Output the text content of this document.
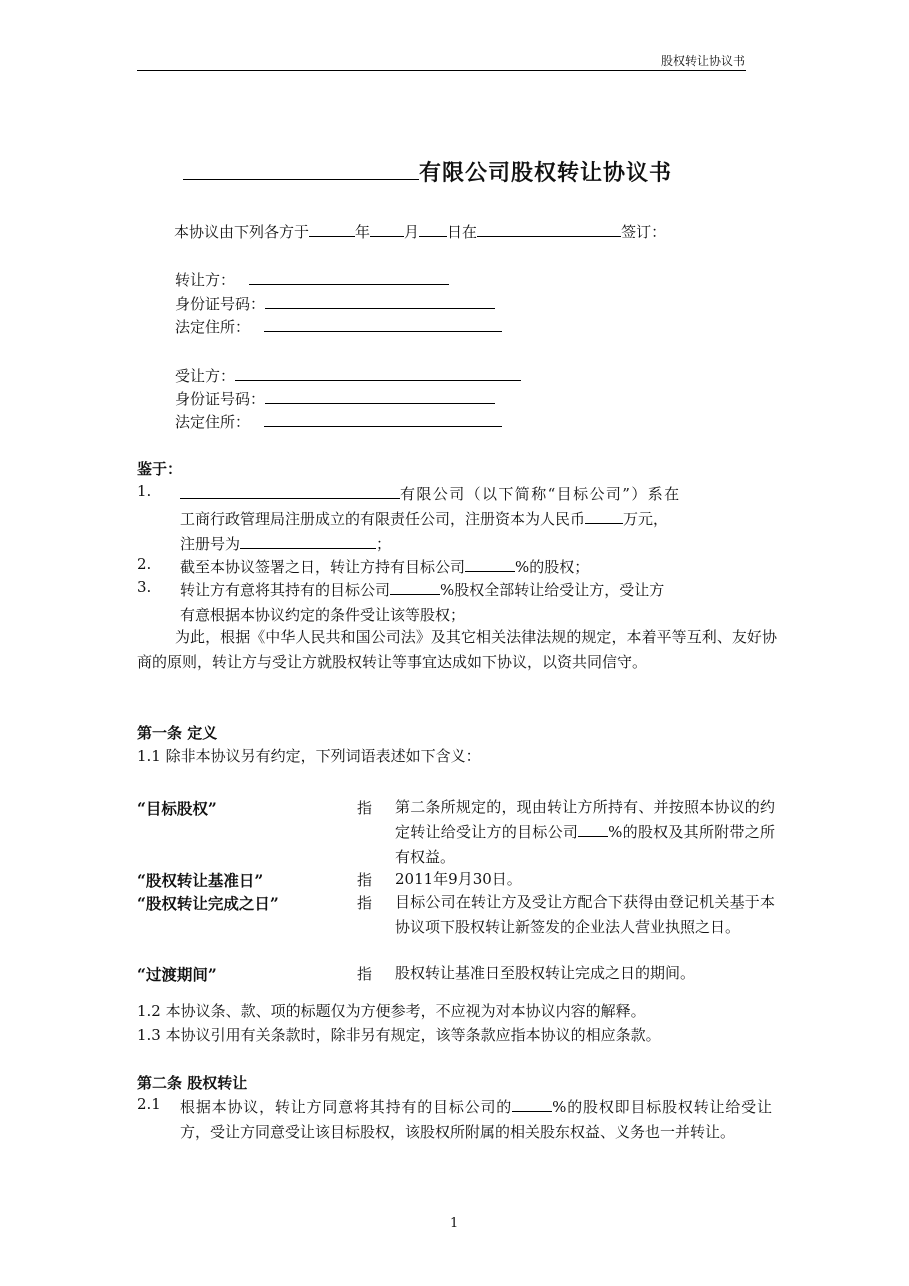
股权转让协议书
有限公司股权转让协议书
本协议由下列各方于	年 月 日在	签订：
转让方：
身份证号码：
法定住所：
受让方：
身份证号码：
法定住所：
鉴于：
1.	有限公司（以下简称“目标公司”）系在
工商行政管理局注册成立的有限责任公司，注册资本为人民币	万元，
注册号为	；
2. 截至本协议签署之日，转让方持有目标公司	%的股权；
3. 转让方有意将其持有的目标公司	%股权全部转让给受让方，受让方
有意根据本协议约定的条件受让该等股权；
为此，根据《中华人民共和国公司法》及其它相关法律法规的规定，本着平等互利、友好协商的原则，转让方与受让方就股权转让等事宜达成如下协议，以资共同信守。
第一条 定义
1.1 除非本协议另有约定，下列词语表述如下含义：
“目标股权”	指 第二条所规定的，现由转让方所持有、并按照本协议的约定转让给受让方的目标公司 %的股权及其所附带之所有权益。
“股权转让基准日”	指 2011年9月30日。
“股权转让完成之日”	指 目标公司在转让方及受让方配合下获得由登记机关基于本协议项下股权转让新签发的企业法人营业执照之日。
“过渡期间”	指 股权转让基准日至股权转让完成之日的期间。
1.2 本协议条、款、项的标题仅为方便参考，不应视为对本协议内容的解释。
1.3 本协议引用有关条款时，除非另有规定，该等条款应指本协议的相应条款。
第二条 股权转让
2.1 根据本协议，转让方同意将其持有的目标公司的	%的股权即目标股权转让给受让方，受让方同意受让该目标股权，该股权所附属的相关股东权益、义务也一并转让。
1
